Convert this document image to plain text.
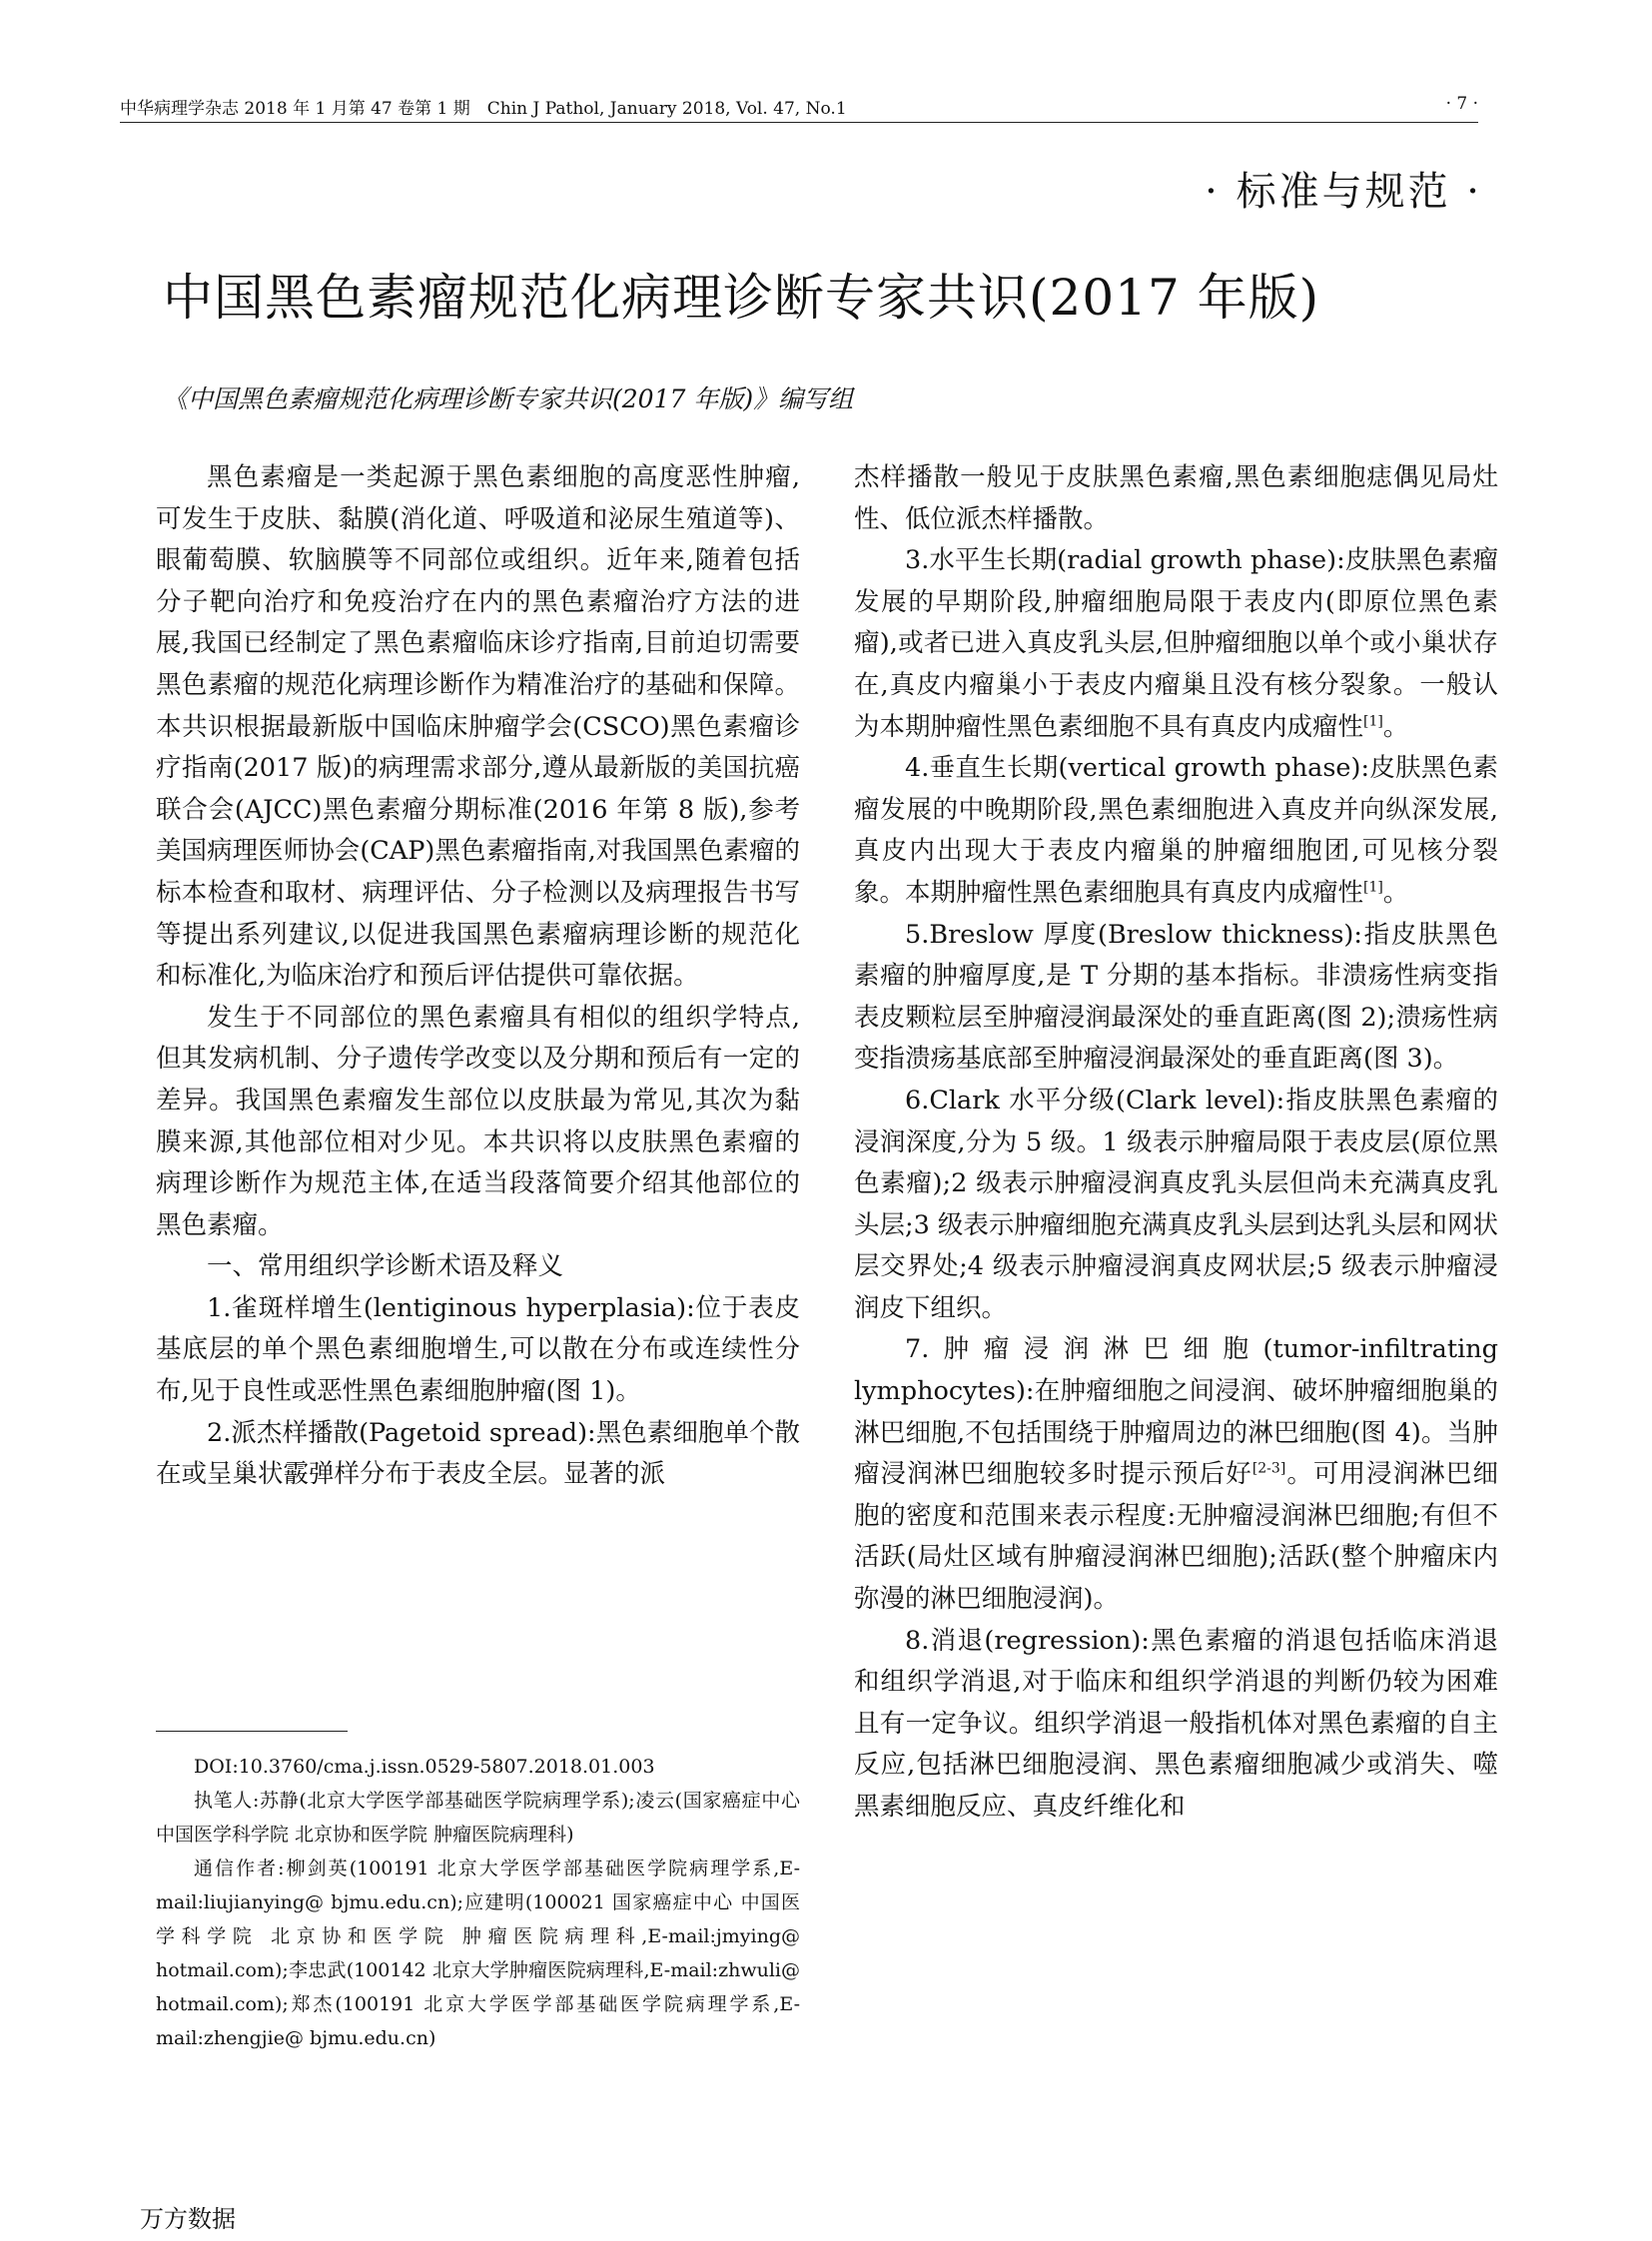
中华病理学杂志 2018 年 1 月第 47 卷第 1 期　Chin J Pathol, January 2018, Vol. 47, No.1	· 7 ·
· 标准与规范 ·
中国黑色素瘤规范化病理诊断专家共识(2017 年版)
《中国黑色素瘤规范化病理诊断专家共识(2017 年版)》编写组

黑色素瘤是一类起源于黑色素细胞的高度恶性肿瘤,可发生于皮肤、黏膜(消化道、呼吸道和泌尿生殖道等)、眼葡萄膜、软脑膜等不同部位或组织。近年来,随着包括分子靶向治疗和免疫治疗在内的黑色素瘤治疗方法的进展,我国已经制定了黑色素瘤临床诊疗指南,目前迫切需要黑色素瘤的规范化病理诊断作为精准治疗的基础和保障。本共识根据最新版中国临床肿瘤学会(CSCO)黑色素瘤诊疗指南(2017 版)的病理需求部分,遵从最新版的美国抗癌联合会(AJCC)黑色素瘤分期标准(2016 年第 8 版),参考美国病理医师协会(CAP)黑色素瘤指南,对我国黑色素瘤的标本检查和取材、病理评估、分子检测以及病理报告书写等提出系列建议,以促进我国黑色素瘤病理诊断的规范化和标准化,为临床治疗和预后评估提供可靠依据。

发生于不同部位的黑色素瘤具有相似的组织学特点,但其发病机制、分子遗传学改变以及分期和预后有一定的差异。我国黑色素瘤发生部位以皮肤最为常见,其次为黏膜来源,其他部位相对少见。本共识将以皮肤黑色素瘤的病理诊断作为规范主体,在适当段落简要介绍其他部位的黑色素瘤。

一、常用组织学诊断术语及释义

1.雀斑样增生(lentiginous hyperplasia):位于表皮基底层的单个黑色素细胞增生,可以散在分布或连续性分布,见于良性或恶性黑色素细胞肿瘤(图 1)。

2.派杰样播散(Pagetoid spread):黑色素细胞单个散在或呈巢状霰弹样分布于表皮全层。显著的派

杰样播散一般见于皮肤黑色素瘤,黑色素细胞痣偶见局灶性、低位派杰样播散。

3.水平生长期(radial growth phase):皮肤黑色素瘤发展的早期阶段,肿瘤细胞局限于表皮内(即原位黑色素瘤),或者已进入真皮乳头层,但肿瘤细胞以单个或小巢状存在,真皮内瘤巢小于表皮内瘤巢且没有核分裂象。一般认为本期肿瘤性黑色素细胞不具有真皮内成瘤性[1]。

4.垂直生长期(vertical growth phase):皮肤黑色素瘤发展的中晚期阶段,黑色素细胞进入真皮并向纵深发展,真皮内出现大于表皮内瘤巢的肿瘤细胞团,可见核分裂象。本期肿瘤性黑色素细胞具有真皮内成瘤性[1]。

5.Breslow 厚度(Breslow thickness):指皮肤黑色素瘤的肿瘤厚度,是 T 分期的基本指标。非溃疡性病变指表皮颗粒层至肿瘤浸润最深处的垂直距离(图 2);溃疡性病变指溃疡基底部至肿瘤浸润最深处的垂直距离(图 3)。

6.Clark 水平分级(Clark level):指皮肤黑色素瘤的浸润深度,分为 5 级。1 级表示肿瘤局限于表皮层(原位黑色素瘤);2 级表示肿瘤浸润真皮乳头层但尚未充满真皮乳头层;3 级表示肿瘤细胞充满真皮乳头层到达乳头层和网状层交界处;4 级表示肿瘤浸润真皮网状层;5 级表示肿瘤浸润皮下组织。

7.肿瘤浸润淋巴细胞(tumor-infiltrating lymphocytes):在肿瘤细胞之间浸润、破坏肿瘤细胞巢的淋巴细胞,不包括围绕于肿瘤周边的淋巴细胞(图 4)。当肿瘤浸润淋巴细胞较多时提示预后好[2-3]。可用浸润淋巴细胞的密度和范围来表示程度:无肿瘤浸润淋巴细胞;有但不活跃(局灶区域有肿瘤浸润淋巴细胞);活跃(整个肿瘤床内弥漫的淋巴细胞浸润)。

8.消退(regression):黑色素瘤的消退包括临床消退和组织学消退,对于临床和组织学消退的判断仍较为困难且有一定争议。组织学消退一般指机体对黑色素瘤的自主反应,包括淋巴细胞浸润、黑色素瘤细胞减少或消失、噬黑素细胞反应、真皮纤维化和

DOI:10.3760/cma.j.issn.0529-5807.2018.01.003

执笔人:苏静(北京大学医学部基础医学院病理学系);凌云(国家癌症中心 中国医学科学院 北京协和医学院 肿瘤医院病理科)

通信作者:柳剑英(100191 北京大学医学部基础医学院病理学系,E-mail:liujianying@ bjmu.edu.cn);应建明(100021 国家癌症中心 中国医学科学院 北京协和医学院 肿瘤医院病理科,E-mail:jmying@ hotmail.com);李忠武(100142 北京大学肿瘤医院病理科,E-mail:zhwuli@ hotmail.com);郑杰(100191 北京大学医学部基础医学院病理学系,E-mail:zhengjie@ bjmu.edu.cn)

万方数据
